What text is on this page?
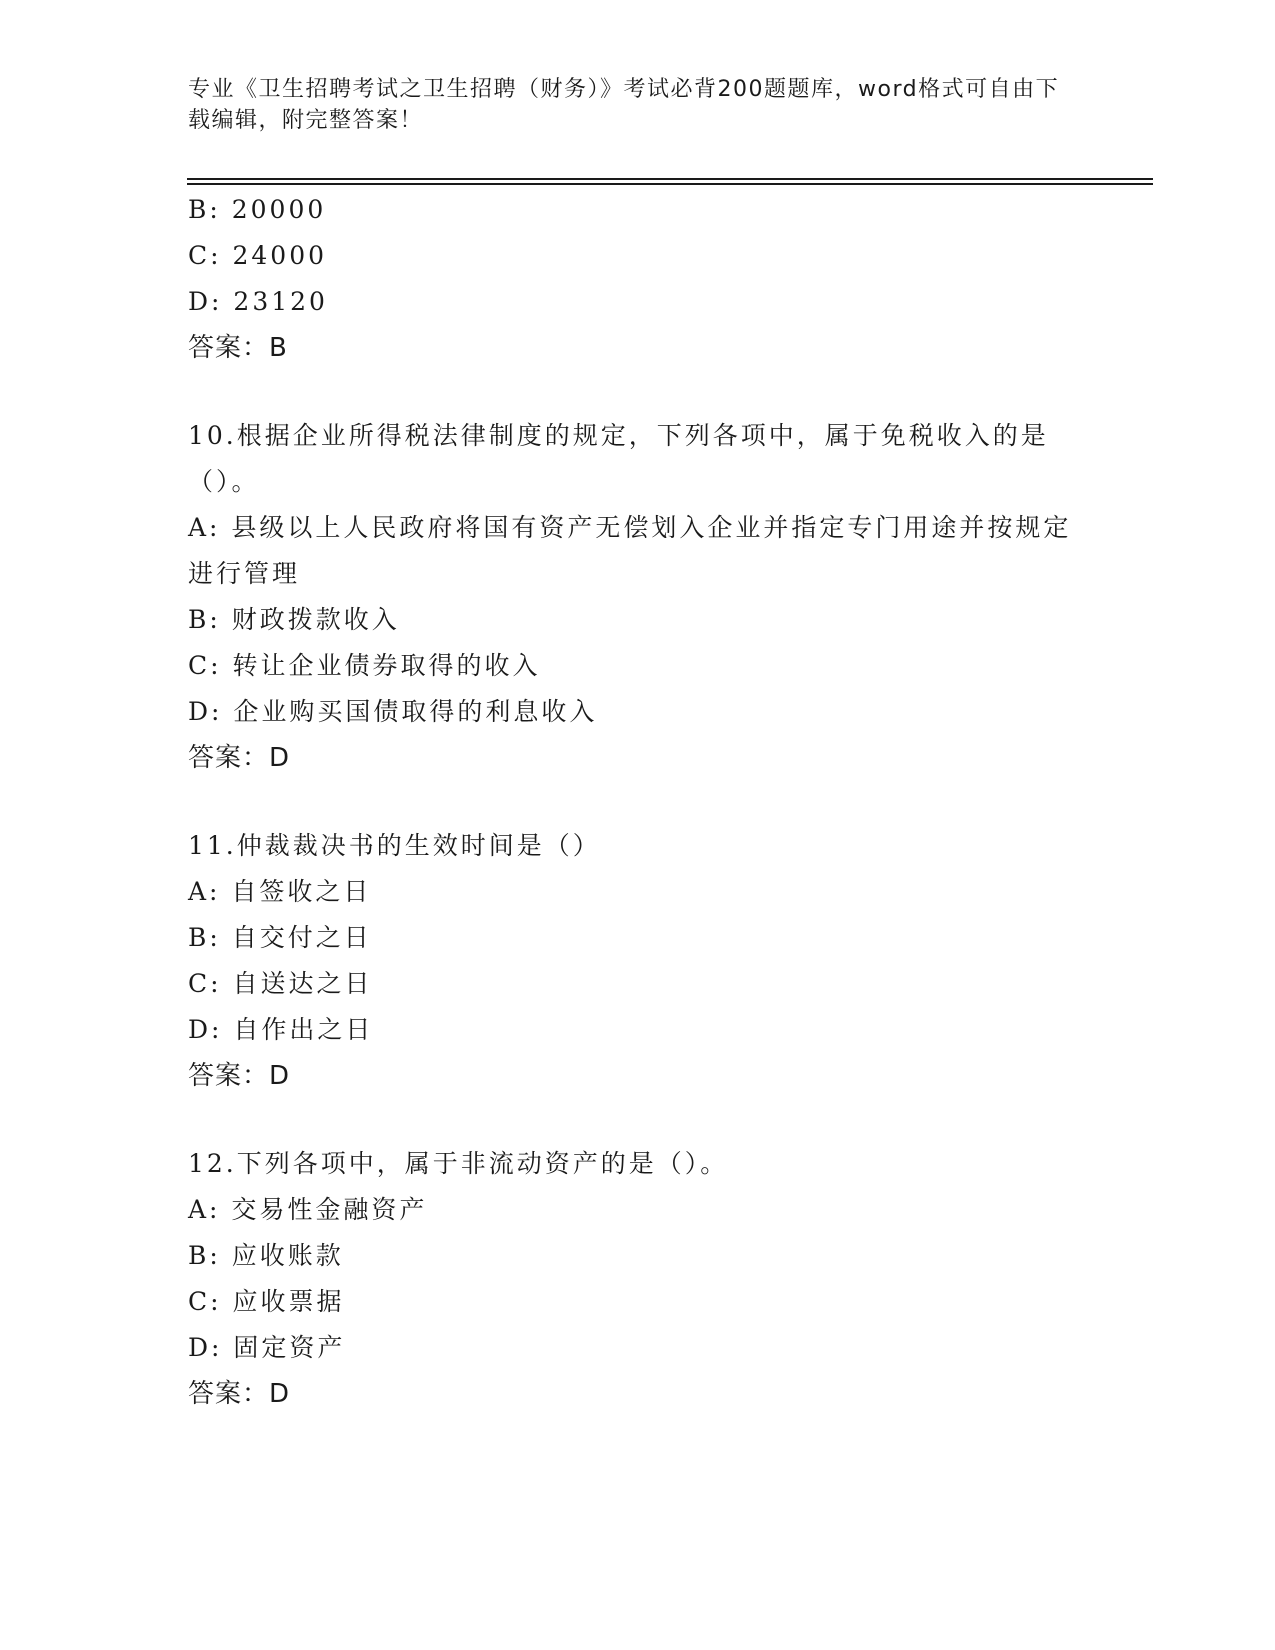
专业《卫生招聘考试之卫生招聘（财务）》考试必背200题题库，word格式可自由下载编辑，附完整答案！
B: 20000
C: 24000
D: 23120
答案：B
10.根据企业所得税法律制度的规定，下列各项中，属于免税收入的是（）。
A: 县级以上人民政府将国有资产无偿划入企业并指定专门用途并按规定进行管理
B: 财政拨款收入
C: 转让企业债券取得的收入
D: 企业购买国债取得的利息收入
答案：D
11.仲裁裁决书的生效时间是（）
A: 自签收之日
B: 自交付之日
C: 自送达之日
D: 自作出之日
答案：D
12.下列各项中，属于非流动资产的是（）。
A: 交易性金融资产
B: 应收账款
C: 应收票据
D: 固定资产
答案：D
